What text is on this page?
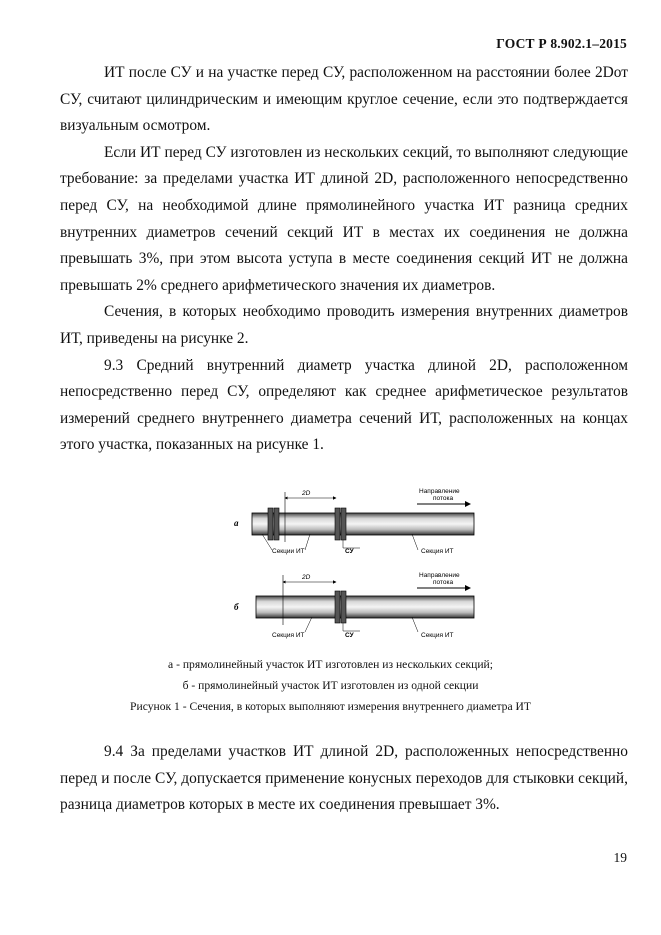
ГОСТ Р 8.902.1–2015

ИТ после СУ и на участке перед СУ, расположенном на расстоянии более 2Dот СУ, считают цилиндрическим и имеющим круглое сечение, если это подтверждается визуальным осмотром.

Если ИТ перед СУ изготовлен из нескольких секций, то выполняют следующие требование: за пределами участка ИТ длиной 2D, расположенного непосредственно перед СУ, на необходимой длине прямолинейного участка ИТ разница средних внутренних диаметров сечений секций ИТ в местах их соединения не должна превышать 3%, при этом высота уступа в месте соединения секций ИТ не должна превышать 2% среднего арифметического значения их диаметров.

Сечения, в которых необходимо проводить измерения внутренних диаметров ИТ, приведены на рисунке 2.

9.3 Средний внутренний диаметр участка длиной 2D, расположенном непосредственно перед СУ, определяют как среднее арифметическое результатов измерений среднего внутреннего диаметра сечений ИТ, расположенных на концах этого участка, показанных на рисунке 1.

а
2D	Направление
потока
Секции ИТ	СУ	Секция ИТ
б
2D	Направление
потока
Секция ИТ	СУ	Секция ИТ
а - прямолинейный участок ИТ изготовлен из нескольких секций;
б - прямолинейный участок ИТ изготовлен из одной секции
Рисунок 1 - Сечения, в которых выполняют измерения внутреннего диаметра ИТ

9.4 За пределами участков ИТ длиной 2D, расположенных непосредственно перед и после СУ, допускается применение конусных переходов для стыковки секций, разница диаметров которых в месте их соединения превышает 3%.

19
